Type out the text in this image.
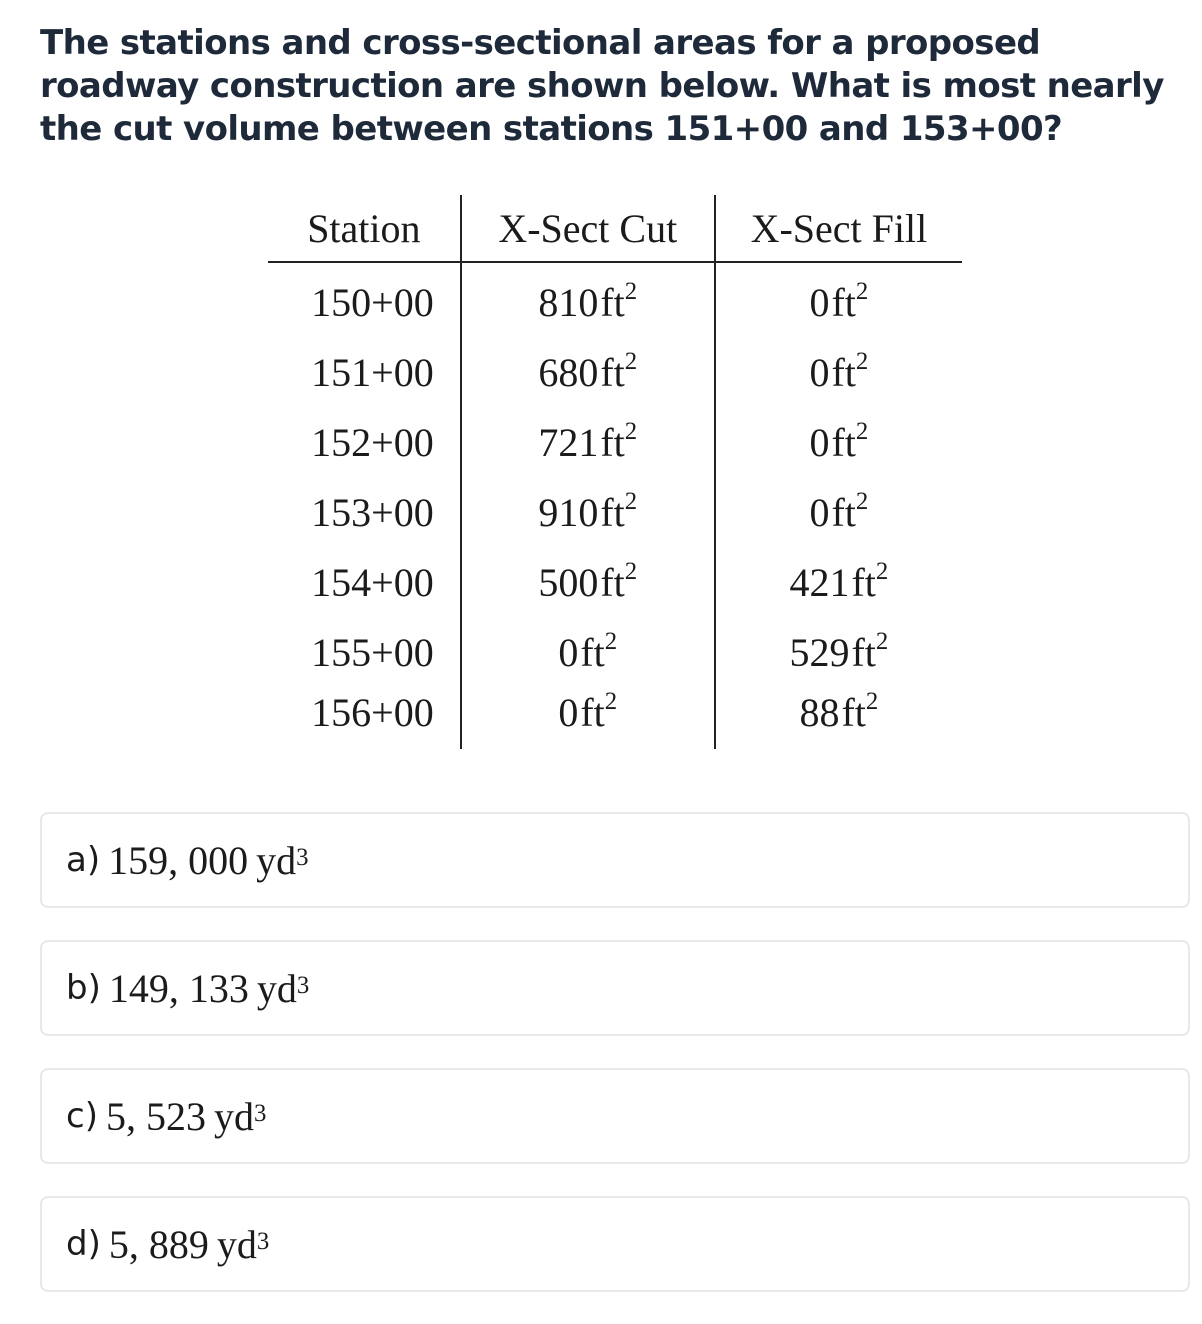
The stations and cross-sectional areas for a proposed roadway construction are shown below. What is most nearly the cut volume between stations 151+00 and 153+00?

Station	X-Sect Cut	X-Sect Fill
150+00	$810ft^2$	$0ft^2$
151+00	$680ft^2$	$0ft^2$
152+00	$721ft^2$	$0ft^2$
153+00	$910ft^2$	$0ft^2$
154+00	$500ft^2$	$421ft^2$
155+00	$0ft^2$	$529ft^2$
156+00	$0ft^2$	$88ft^2$
a) 159, 000 $yd^3$
b) 149, 133 $yd^3$
c) 5, 523 $yd^3$
d) 5, 889 $yd^3$
